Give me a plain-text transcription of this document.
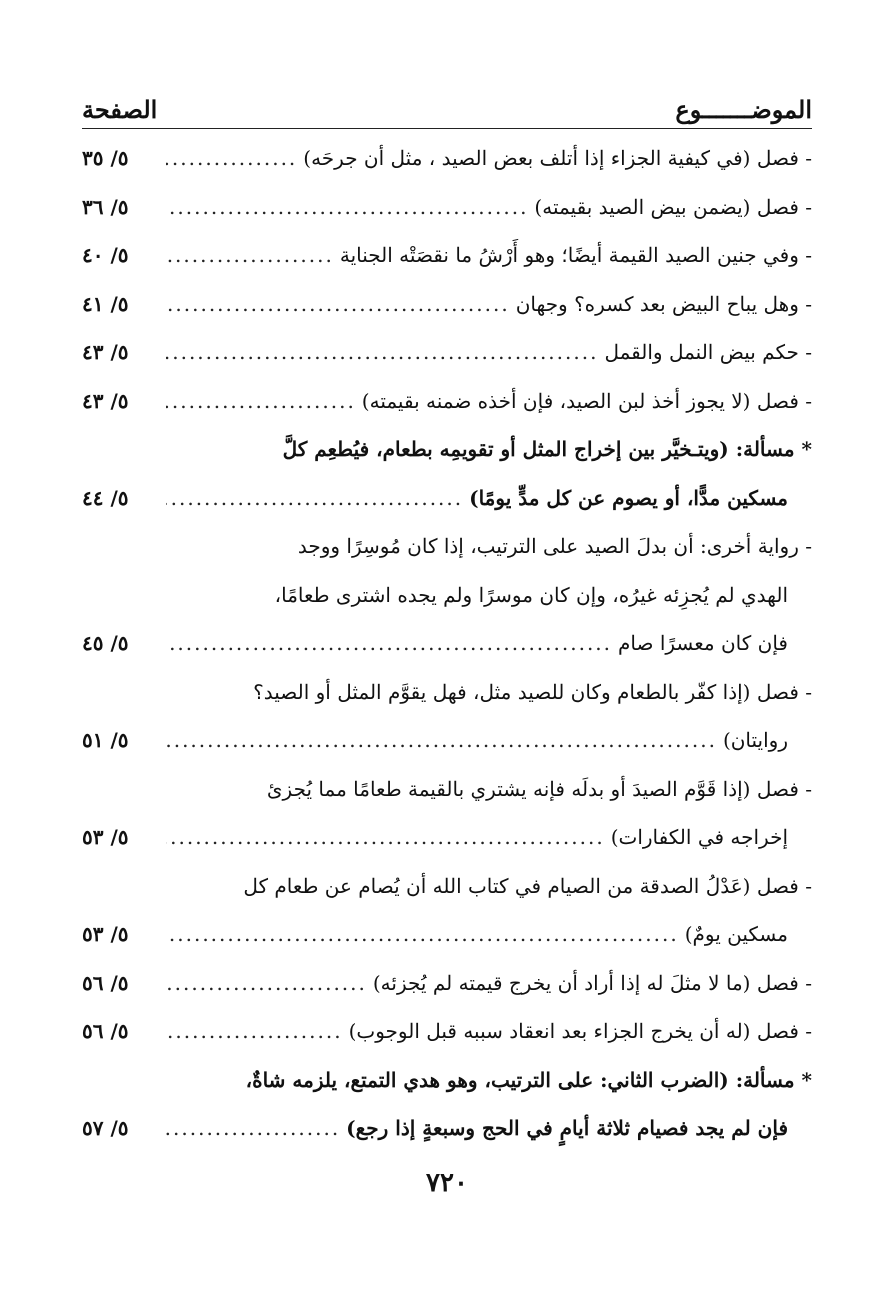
الموضـــــــوع
الصفحة
- فصل (في كيفية الجزاء إذا أتلف بعض الصيد ، مثل أن جرحَه)
.....
٥/ ٣٥
- فصل (يضمن بيض الصيد بقيمته)
.....
٥/ ٣٦
- وفي جنين الصيد القيمة أيضًا؛ وهو أَرْشُ ما نقصَتْه الجناية
.....
٥/ ٤٠
- وهل يباح البيض بعد كسره؟ وجهان
.....
٥/ ٤١
- حكم بيض النمل والقمل
.....
٥/ ٤٣
- فصل (لا يجوز أخذ لبن الصيد، فإن أخذه ضمنه بقيمته)
.....
٥/ ٤٣
* مسألة: (ويتـخيَّر بين إخراج المثل أو تقويمِه بطعام، فيُطعِم كلَّ
مسكين مدًّا، أو يصوم عن كل مدٍّ يومًا)
.....
٥/ ٤٤
- رواية أخرى: أن بدلَ الصيد على الترتيب، إذا كان مُوسِرًا ووجد
الهدي لم يُجزِئه غيرُه، وإن كان موسرًا ولم يجده اشترى طعامًا،
فإن كان معسرًا صام
.....
٥/ ٤٥
- فصل (إذا كفّر بالطعام وكان للصيد مثل، فهل يقوَّم المثل أو الصيد؟
روايتان)
.....
٥/ ٥١
- فصل (إذا قَوَّم الصيدَ أو بدلَه فإنه يشتري بالقيمة طعامًا مما يُجزئ
إخراجه في الكفارات)
.....
٥/ ٥٣
- فصل (عَدْلُ الصدقة من الصيام في كتاب الله أن يُصام عن طعام كل
مسكين يومٌ)
.....
٥/ ٥٣
- فصل (ما لا مثلَ له إذا أراد أن يخرج قيمته لم يُجزئه)
.....
٥/ ٥٦
- فصل (له أن يخرج الجزاء بعد انعقاد سببه قبل الوجوب)
.....
٥/ ٥٦
* مسألة: (الضرب الثاني: على الترتيب، وهو هدي التمتع، يلزمه شاةٌ،
فإن لم يجد فصيام ثلاثة أيامٍ في الحج وسبعةٍ إذا رجع)
.....
٥/ ٥٧
٧٢٠
